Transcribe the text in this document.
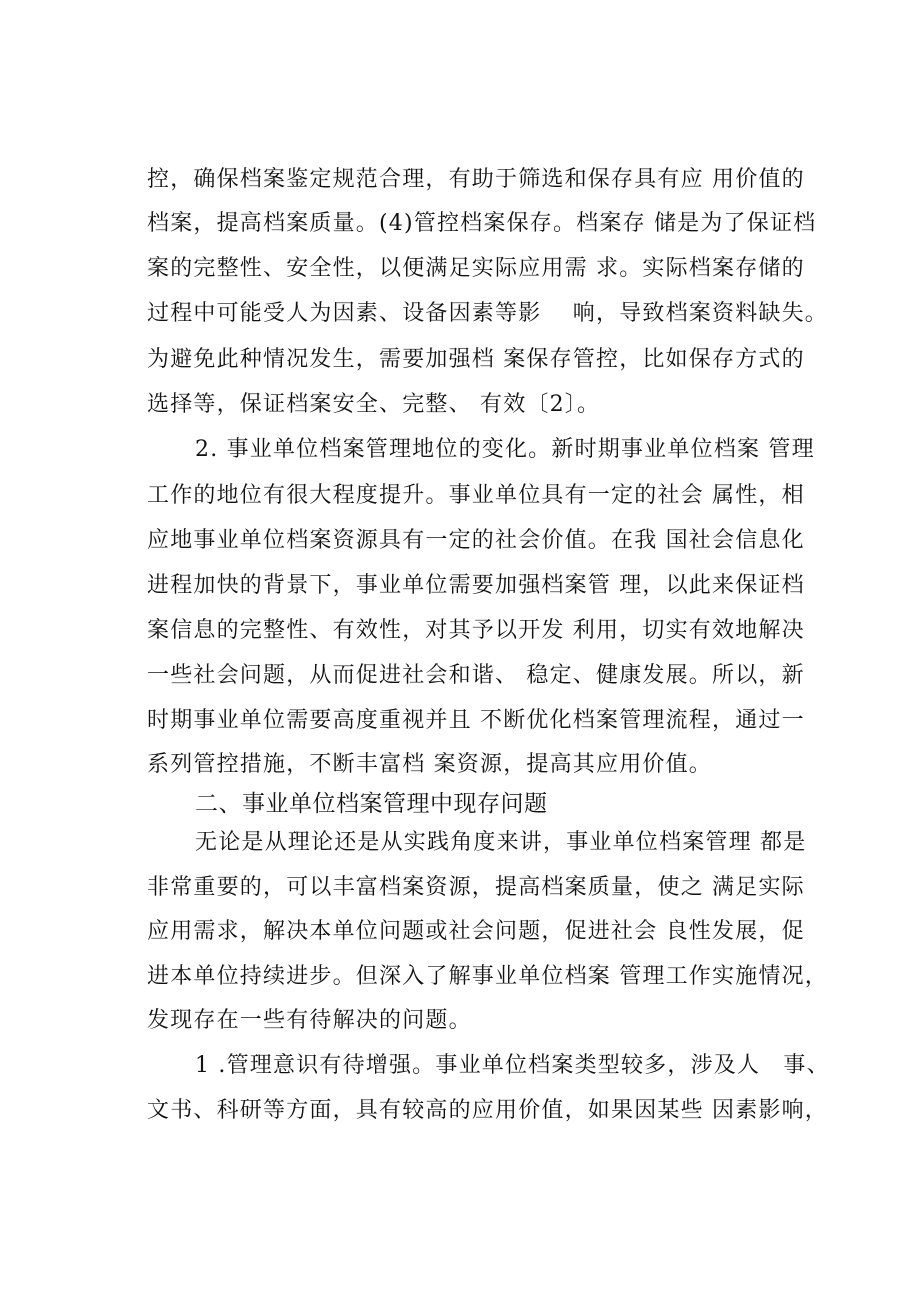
控，确保档案鉴定规范合理，有助于筛选和保存具有应 用价值的
档案，提高档案质量。(4)管控档案保存。档案存 储是为了保证档
案的完整性、安全性，以便满足实际应用需 求。实际档案存储的
过程中可能受人为因素、设备因素等影　 响，导致档案资料缺失。
为避免此种情况发生，需要加强档 案保存管控，比如保存方式的
选择等，保证档案安全、完整、 有效〔2〕。
2. 事业单位档案管理地位的变化。新时期事业单位档案 管理
工作的地位有很大程度提升。事业单位具有一定的社会 属性，相
应地事业单位档案资源具有一定的社会价值。在我 国社会信息化
进程加快的背景下，事业单位需要加强档案管 理，以此来保证档
案信息的完整性、有效性，对其予以开发 利用，切实有效地解决
一些社会问题，从而促进社会和谐、 稳定、健康发展。所以，新
时期事业单位需要高度重视并且 不断优化档案管理流程，通过一
系列管控措施，不断丰富档 案资源，提高其应用价值。
二、事业单位档案管理中现存问题
无论是从理论还是从实践角度来讲，事业单位档案管理 都是
非常重要的，可以丰富档案资源，提高档案质量，使之 满足实际
应用需求，解决本单位问题或社会问题，促进社会 良性发展，促
进本单位持续进步。但深入了解事业单位档案 管理工作实施情况，
发现存在一些有待解决的问题。
1 .管理意识有待增强。事业单位档案类型较多，涉及人　事、
文书、科研等方面，具有较高的应用价值，如果因某些 因素影响，
